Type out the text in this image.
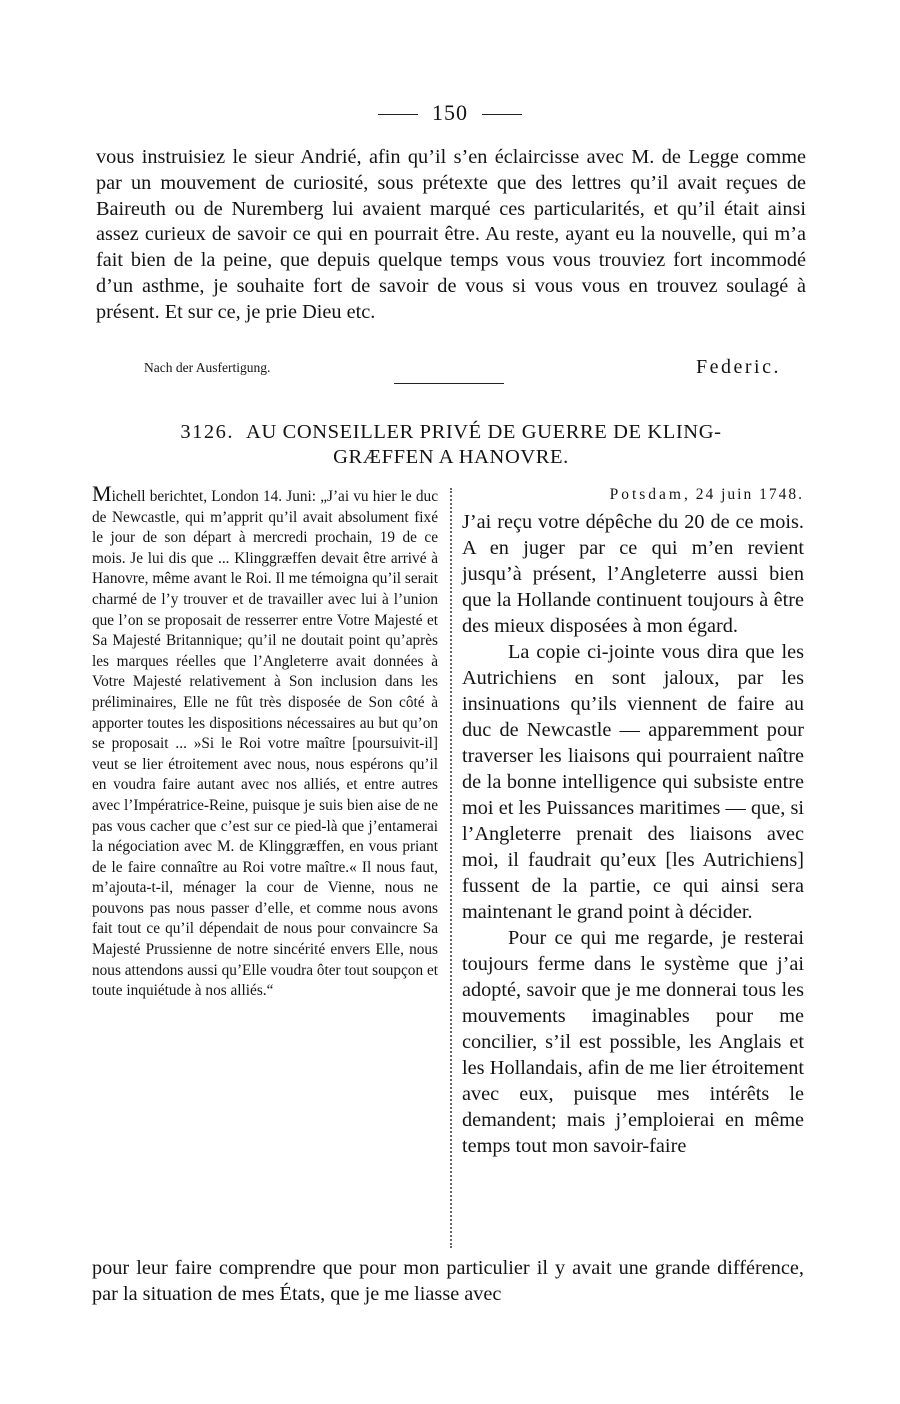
150

vous instruisiez le sieur Andrié, afin qu’il s’en éclaircisse avec M. de Legge comme par un mouvement de curiosité, sous prétexte que des lettres qu’il avait reçues de Baireuth ou de Nuremberg lui avaient marqué ces particularités, et qu’il était ainsi assez curieux de savoir ce qui en pourrait être. Au reste, ayant eu la nouvelle, qui m’a fait bien de la peine, que depuis quelque temps vous vous trouviez fort incommodé d’un asthme, je souhaite fort de savoir de vous si vous vous en trouvez soulagé à présent. Et sur ce, je prie Dieu etc.

Nach der Ausfertigung.	Federic.
3126. AU CONSEILLER PRIVÉ DE GUERRE DE KLING-
GRÆFFEN A HANOVRE.

Michell berichtet, London 14. Juni: „J’ai vu hier le duc de Newcastle, qui m’apprit qu’il avait absolument fixé le jour de son départ à mercredi prochain, 19 de ce mois. Je lui dis que ... Klinggræffen devait être arrivé à Hanovre, même avant le Roi. Il me témoigna qu’il serait charmé de l’y trouver et de travailler avec lui à l’union que l’on se proposait de resserrer entre Votre Majesté et Sa Majesté Britannique; qu’il ne doutait point qu’après les marques réelles que l’Angleterre avait données à Votre Majesté relativement à Son inclusion dans les préliminaires, Elle ne fût très disposée de Son côté à apporter toutes les dispositions nécessaires au but qu’on se proposait ... »Si le Roi votre maître [poursuivit-il] veut se lier étroitement avec nous, nous espérons qu’il en voudra faire autant avec nos alliés, et entre autres avec l’Impératrice-Reine, puisque je suis bien aise de ne pas vous cacher que c’est sur ce pied-là que j’entamerai la négociation avec M. de Klinggræffen, en vous priant de le faire connaître au Roi votre maître.« Il nous faut, m’ajouta-t-il, ménager la cour de Vienne, nous ne pouvons pas nous passer d’elle, et comme nous avons fait tout ce qu’il dépendait de nous pour convaincre Sa Majesté Prussienne de notre sincérité envers Elle, nous nous attendons aussi qu’Elle voudra ôter tout soupçon et toute inquiétude à nos alliés.“

Potsdam, 24 juin 1748.

J’ai reçu votre dépêche du 20 de ce mois. A en juger par ce qui m’en revient jusqu’à présent, l’Angleterre aussi bien que la Hollande continuent toujours à être des mieux disposées à mon égard.

La copie ci-jointe vous dira que les Autrichiens en sont jaloux, par les insinuations qu’ils viennent de faire au duc de Newcastle — apparemment pour traverser les liaisons qui pourraient naître de la bonne intelligence qui subsiste entre moi et les Puissances maritimes — que, si l’Angleterre prenait des liaisons avec moi, il faudrait qu’eux [les Autrichiens] fussent de la partie, ce qui ainsi sera maintenant le grand point à décider.

Pour ce qui me regarde, je resterai toujours ferme dans le système que j’ai adopté, savoir que je me donnerai tous les mouvements imaginables pour me concilier, s’il est possible, les Anglais et les Hollandais, afin de me lier étroitement avec eux, puisque mes intérêts le demandent; mais j’emploierai en même temps tout mon savoir-faire

pour leur faire comprendre que pour mon particulier il y avait une grande différence, par la situation de mes États, que je me liasse avec
